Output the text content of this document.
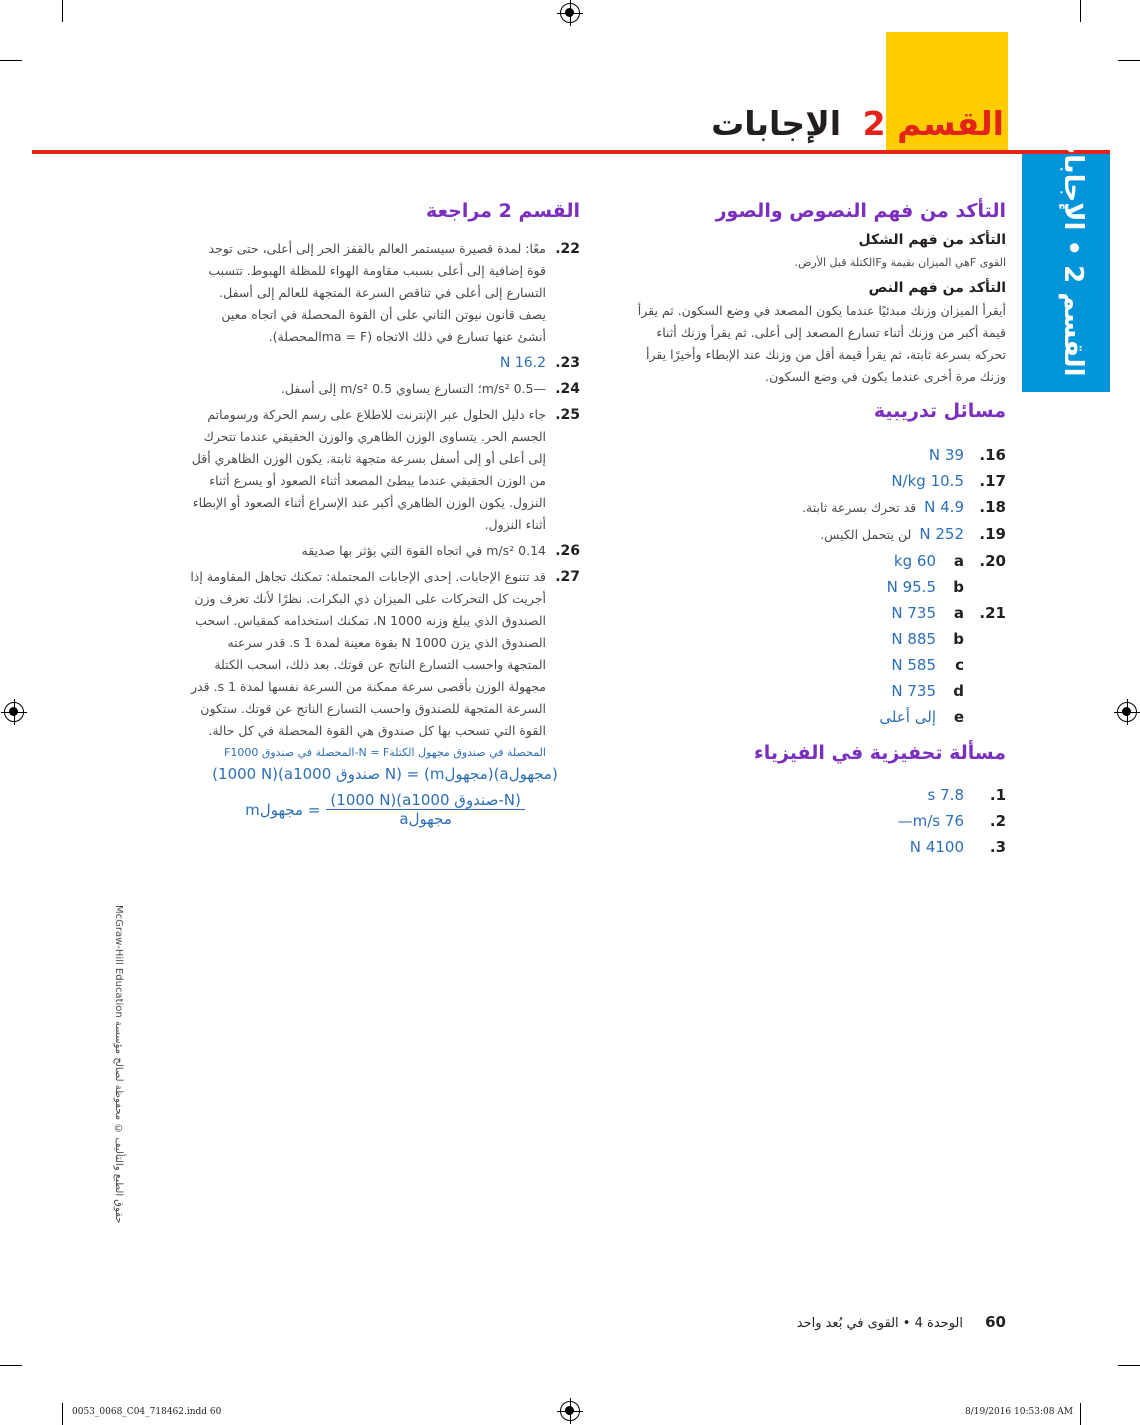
القسم 2 الإجابات
القسم 2 • الإجابات
التأكد من فهم النصوص والصور
التأكد من فهم الشكل

القوى Fهي الميزان بقيمة وFالكتلة قبل الأرض.

التأكد من فهم النص

أيقرأ الميزان وزنك مبدئيًا عندما يكون المصعد في وضع السكون. ثم يقرأ قيمة أكبر من وزنك أثناء تسارع المصعد إلى أعلى. ثم يقرأ وزنك أثناء تحركه بسرعة ثابتة، ثم يقرأ قيمة أقل من وزنك عند الإبطاء وأخيرًا يقرأ وزنك مرة أخرى عندما يكون في وضع السكون.

مسائل تدريبية
16.
39 N
17.
10.5 N/kg
18.
4.9 N
قد تحرك بسرعة ثابتة.
19.
252 N
لن يتحمل الكيس.
20.
a
60 kg
b
95.5 N
21.
a
735 N
b
885 N
c
585 N
d
735 N
e
إلى أعلى
مسألة تحفيزية في الفيزياء
1.
7.8 s
2.
76 m/s—
3.
4100 N
القسم 2 مراجعة
22.
معًا: لمدة قصيرة سيستمر العالم بالقفز الحر إلى أعلى، حتى توجد قوة إضافية إلى أعلى بسبب مقاومة الهواء للمظلة الهبوط. تتسبب التسارع إلى أعلى في تناقص السرعة المتجهة للعالم إلى أسفل. يصف قانون نيوتن الثاني على أن القوة المحصلة في اتجاه معين أنشئ عنها تسارع في ذلك الاتجاه (ma = Fالمحصلة).
23.
16.2 N
24.
—0.5 m/s²؛ التسارع يساوي 0.5 m/s² إلى أسفل.
25.
جاء دليل الحلول عبر الإنترنت للاطلاع على رسم الحركة ورسوماتم الجسم الحر. يتساوى الوزن الظاهري والوزن الحقيقي عندما تتحرك إلى أعلى أو إلى أسفل بسرعة متجهة ثابتة. يكون الوزن الظاهري أقل من الوزن الحقيقي عندما يبطئ المصعد أثناء الصعود أو يسرع أثناء النزول. يكون الوزن الظاهري أكبر عند الإسراع أثناء الصعود أو الإبطاء أثناء النزول.
26.
0.14 m/s² في اتجاه القوة التي يؤثر بها صديقه
27.
قد تتنوع الإجابات. إحدى الإجابات المحتملة: تمكنك تجاهل المقاومة إذا أجريت كل التحركات على الميزان ذي البكرات. نظرًا لأنك تعرف وزن الصندوق الذي يبلغ وزنه 1000 N، تمكنك استخدامه كمقياس. اسحب الصندوق الذي يزن 1000 N بقوة معينة لمدة 1 s. قدر سرعته المتجهة واحسب التسارع الناتج عن قوتك. بعد ذلك، اسحب الكتلة مجهولة الوزن بأقصى سرعة ممكنة من السرعة نفسها لمدة 1 s. قدر السرعة المتجهة للصندوق واحسب التسارع الناتج عن قوتك. ستكون القوة التي تسحب بها كل صندوق هي القوة المحصلة في كل حالة.
Fالمحصلة في صندوق 1000-N = Fالمحصلة في صندوق مجهول الكتلة
(1000 N)(aصندوق 1000 N) = (mمجهول)(aمجهول)
mمجهول =
(1000 N)(aصندوق 1000-N)
aمجهول
McGraw-Hill Education حقوق الطبع والتأليف © محفوظة لصالح مؤسسة
60 الوحدة 4 • القوى في بُعد واحد
0053_0068_C04_718462.indd 60	8/19/2016 10:53:08 AM
